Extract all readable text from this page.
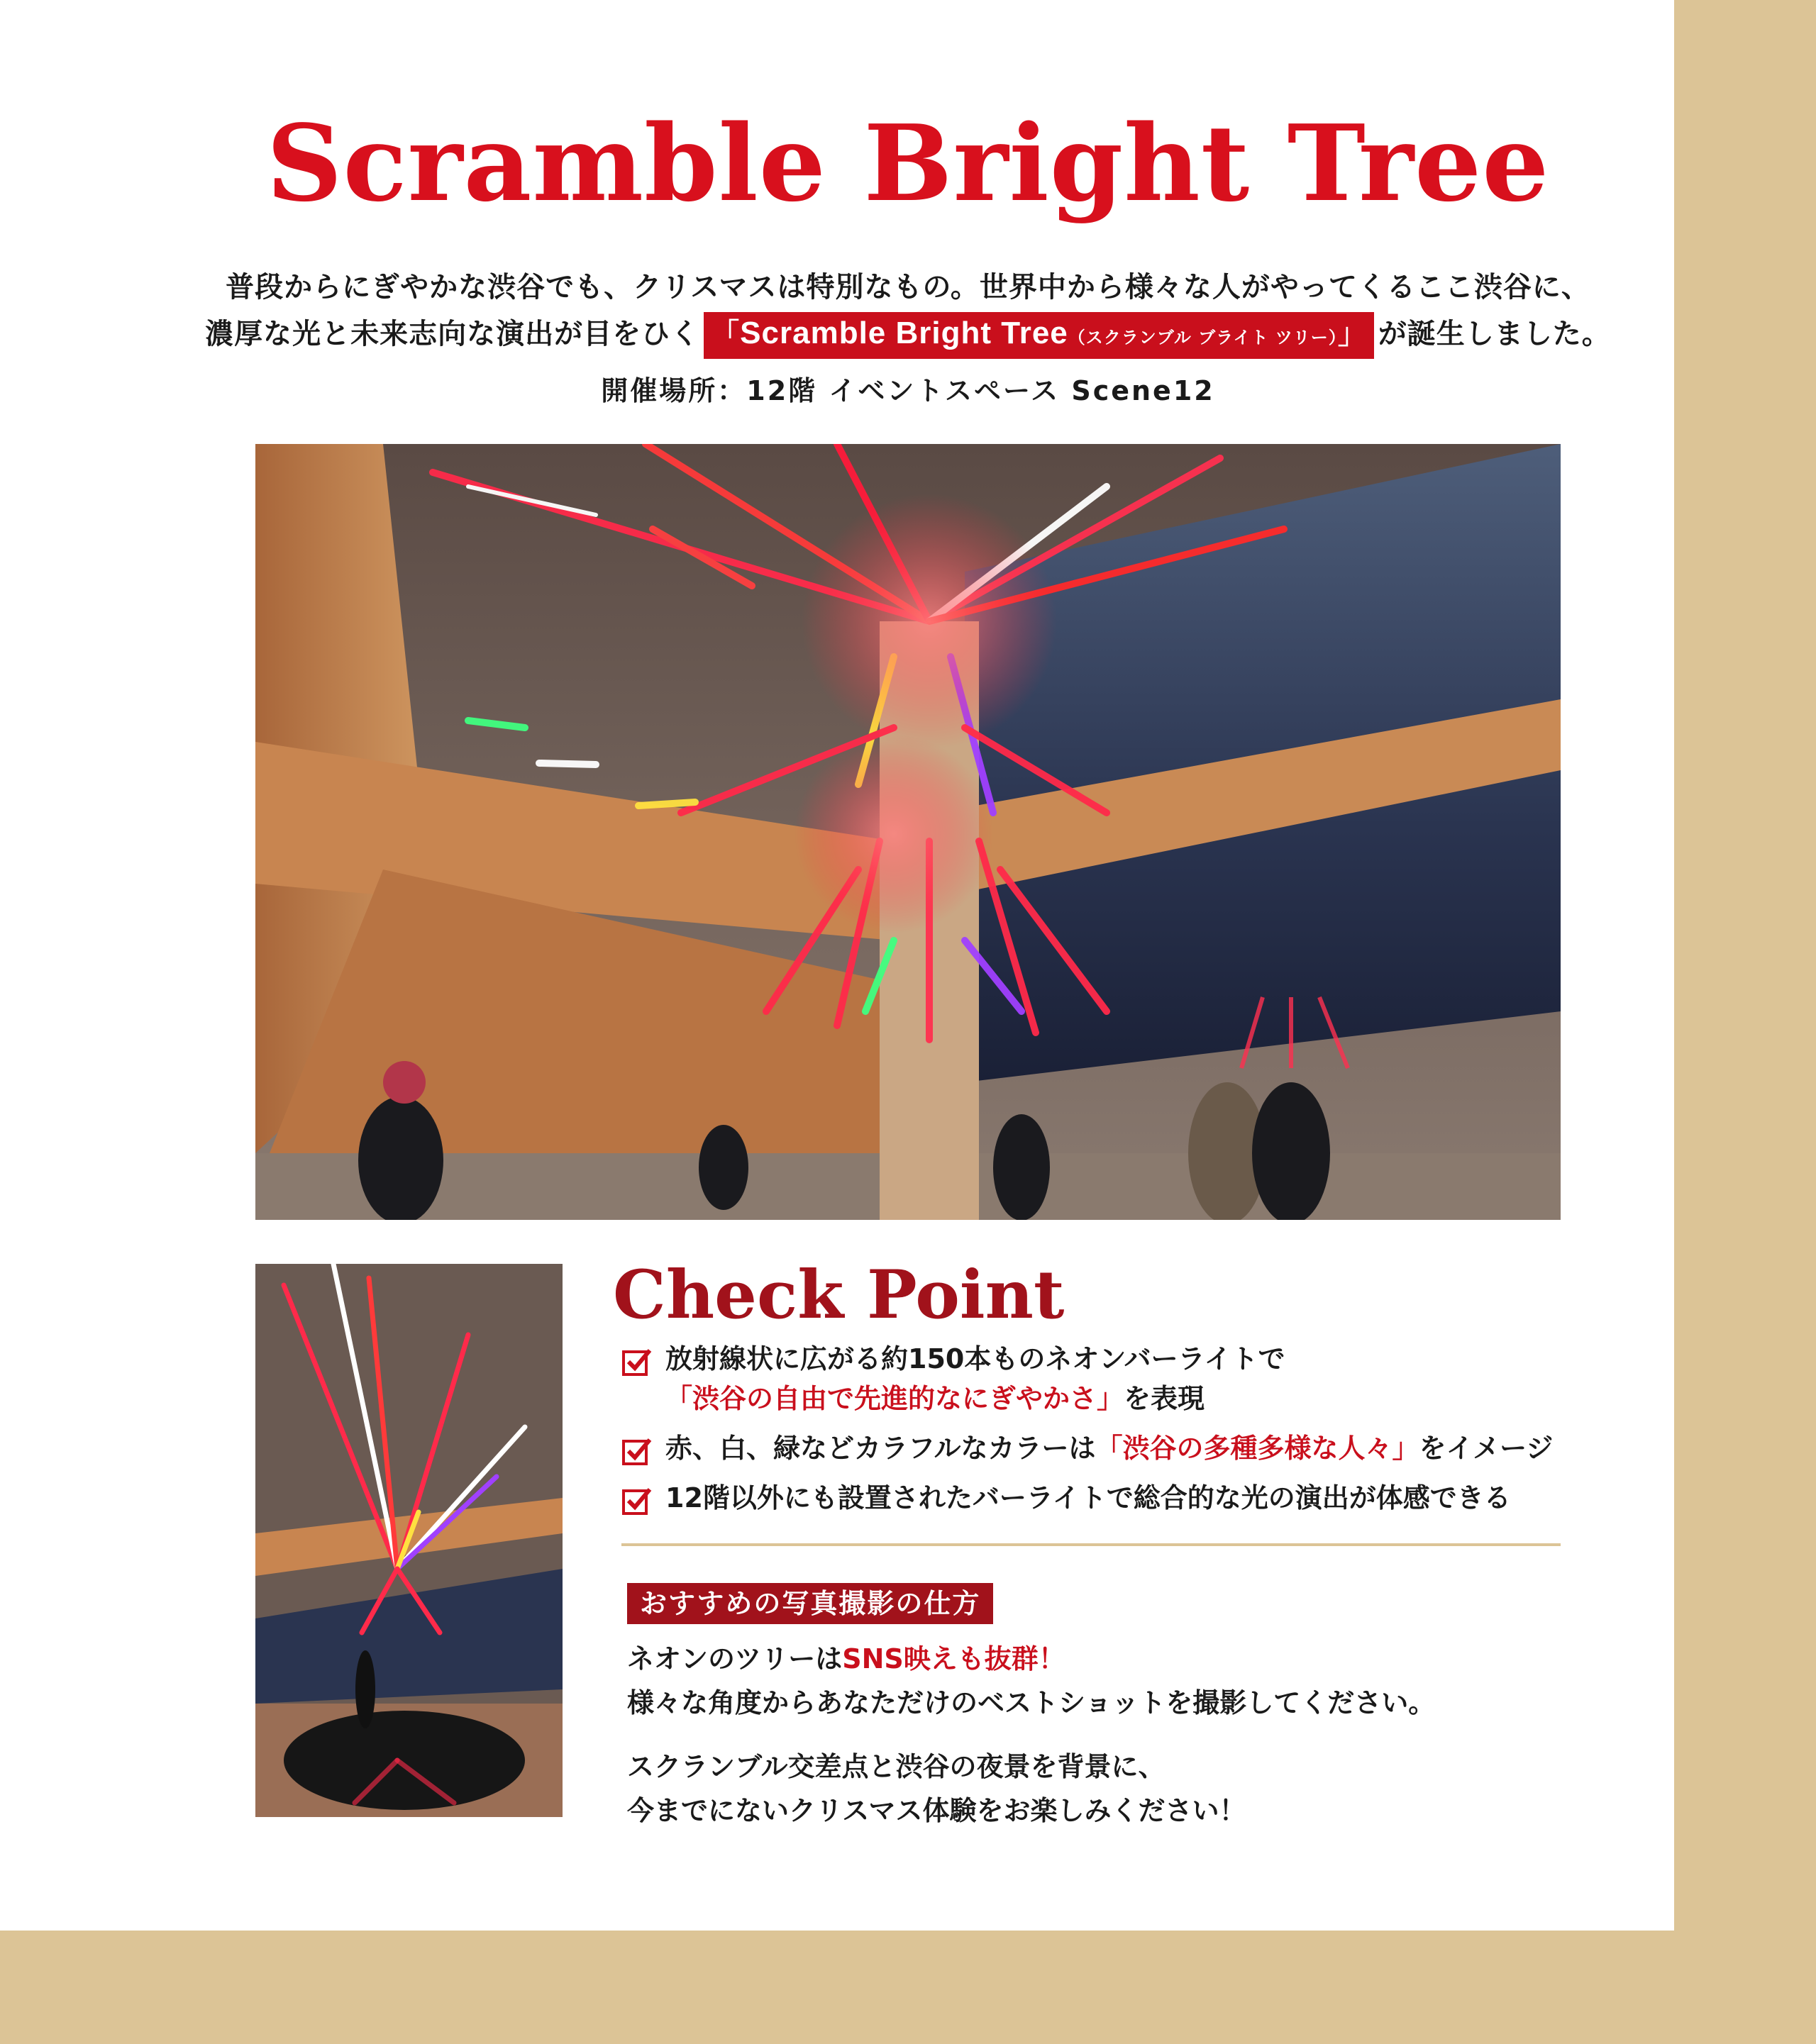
Scramble Bright Tree
普段からにぎやかな渋谷でも、クリスマスは特別なもの。世界中から様々な人がやってくるここ渋谷に、
濃厚な光と未来志向な演出が目をひく 「Scramble Bright Tree（スクランブル ブライト ツリー）」 が誕生しました。
開催場所：12階 イベントスペース Scene12
Check Point
放射線状に広がる約150本ものネオンバーライトで
「渋谷の自由で先進的なにぎやかさ」を表現
赤、白、緑などカラフルなカラーは「渋谷の多種多様な人々」をイメージ
12階以外にも設置されたバーライトで総合的な光の演出が体感できる
おすすめの写真撮影の仕方

ネオンのツリーはSNS映えも抜群！
様々な角度からあなただけのベストショットを撮影してください。

スクランブル交差点と渋谷の夜景を背景に、
今までにないクリスマス体験をお楽しみください！
